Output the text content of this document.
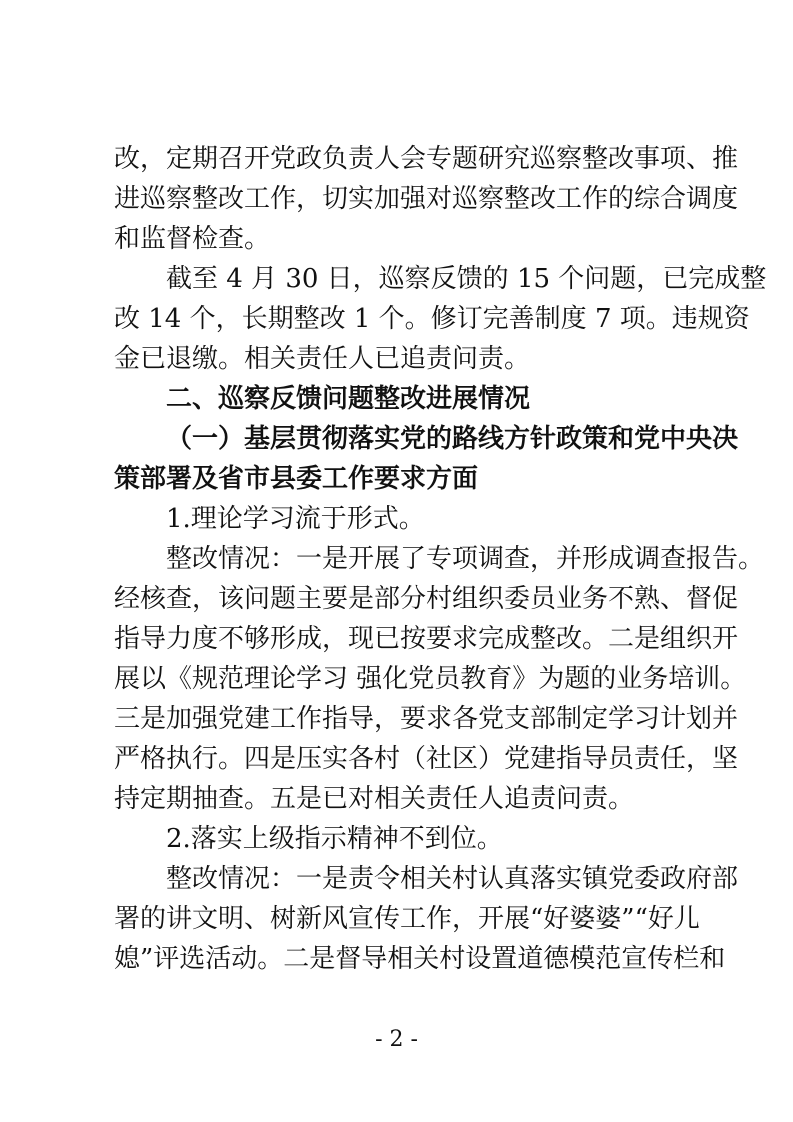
改，定期召开党政负责人会专题研究巡察整改事项、推
进巡察整改工作，切实加强对巡察整改工作的综合调度
和监督检查。
截至 4 月 30 日，巡察反馈的 15 个问题，已完成整
改 14 个，长期整改 1 个。修订完善制度 7 项。违规资
金已退缴。相关责任人已追责问责。
二、巡察反馈问题整改进展情况
（一）基层贯彻落实党的路线方针政策和党中央决
策部署及省市县委工作要求方面
1.理论学习流于形式。
整改情况：一是开展了专项调查，并形成调查报告。
经核查，该问题主要是部分村组织委员业务不熟、督促
指导力度不够形成，现已按要求完成整改。二是组织开
展以《规范理论学习 强化党员教育》为题的业务培训。
三是加强党建工作指导，要求各党支部制定学习计划并
严格执行。四是压实各村（社区）党建指导员责任，坚
持定期抽查。五是已对相关责任人追责问责。
2.落实上级指示精神不到位。
整改情况：一是责令相关村认真落实镇党委政府部
署的讲文明、树新风宣传工作，开展“好婆婆”“好儿
媳”评选活动。二是督导相关村设置道德模范宣传栏和
- 2 -
